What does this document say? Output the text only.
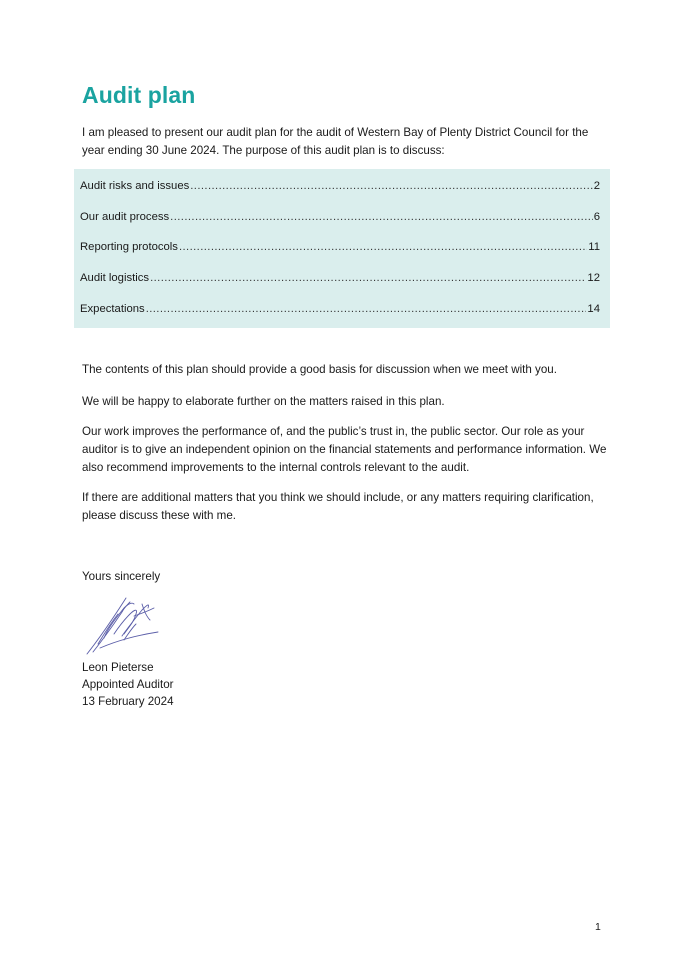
Audit plan

I am pleased to present our audit plan for the audit of Western Bay of Plenty District Council for the year ending 30 June 2024. The purpose of this audit plan is to discuss:

Audit risks and issues .....	2
Our audit process .....	6
Reporting protocols .....	11
Audit logistics .....	12
Expectations .....	14

The contents of this plan should provide a good basis for discussion when we meet with you.

We will be happy to elaborate further on the matters raised in this plan.

Our work improves the performance of, and the public’s trust in, the public sector. Our role as your auditor is to give an independent opinion on the financial statements and performance information. We also recommend improvements to the internal controls relevant to the audit.

If there are additional matters that you think we should include, or any matters requiring clarification, please discuss these with me.

Yours sincerely

Leon Pieterse
Appointed Auditor
13 February 2024
1
